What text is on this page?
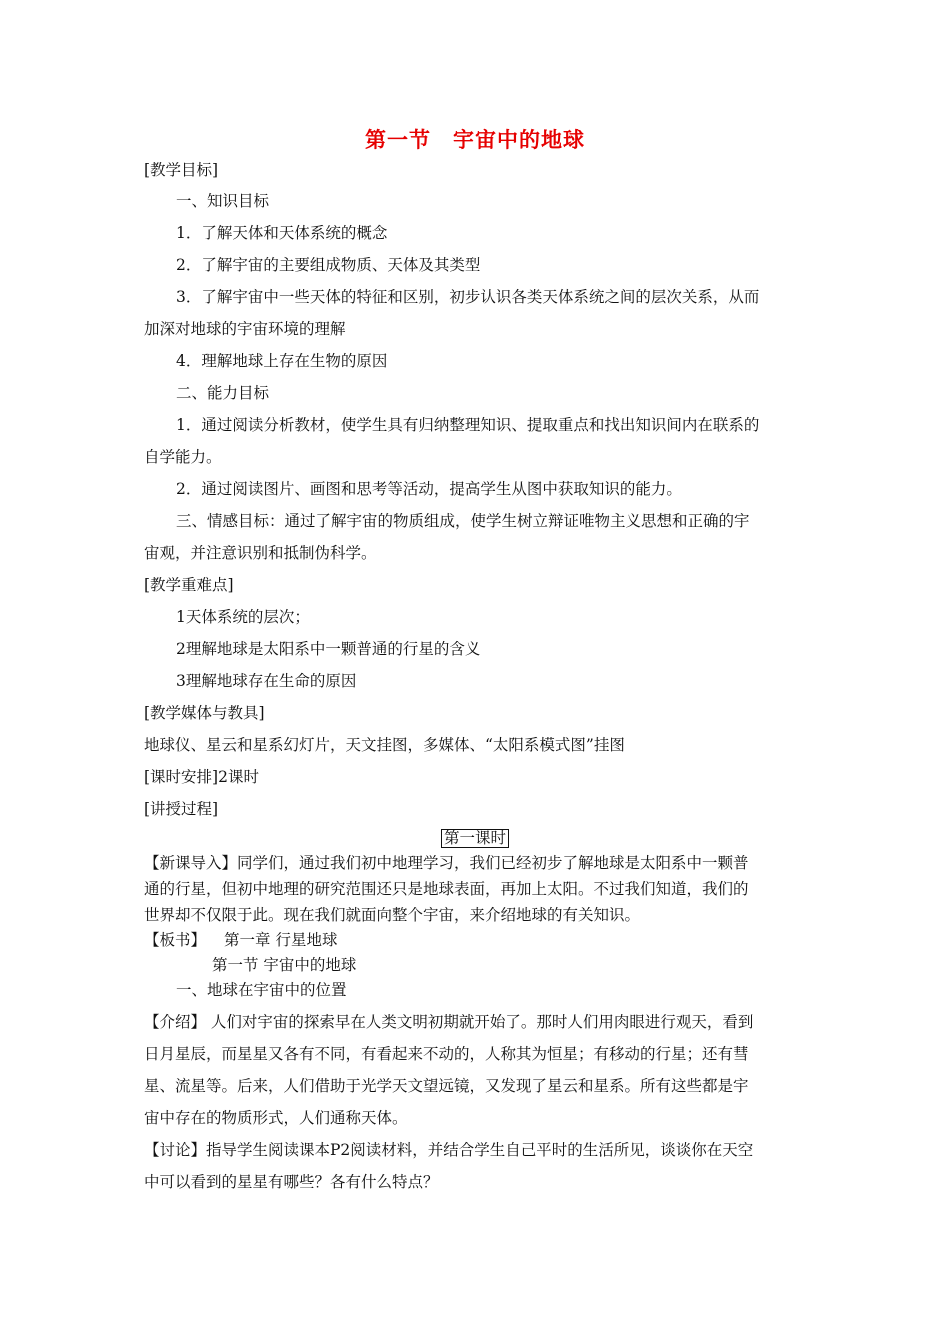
第一节　宇宙中的地球
[教学目标]
一、知识目标
1．了解天体和天体系统的概念
2．了解宇宙的主要组成物质、天体及其类型
3．了解宇宙中一些天体的特征和区别，初步认识各类天体系统之间的层次关系，从而
加深对地球的宇宙环境的理解
4．理解地球上存在生物的原因
二、能力目标
1．通过阅读分析教材，使学生具有归纳整理知识、提取重点和找出知识间内在联系的
自学能力。
2．通过阅读图片、画图和思考等活动，提高学生从图中获取知识的能力。
三、情感目标：通过了解宇宙的物质组成，使学生树立辩证唯物主义思想和正确的宇
宙观，并注意识别和抵制伪科学。
[教学重难点]
1天体系统的层次；
2理解地球是太阳系中一颗普通的行星的含义
3理解地球存在生命的原因
[教学媒体与教具]
地球仪、星云和星系幻灯片，天文挂图，多媒体、“太阳系模式图”挂图
[课时安排]2课时
[讲授过程]
第一课时
【新课导入】同学们，通过我们初中地理学习，我们已经初步了解地球是太阳系中一颗普
通的行星，但初中地理的研究范围还只是地球表面，再加上太阳。不过我们知道，我们的
世界却不仅限于此。现在我们就面向整个宇宙，来介绍地球的有关知识。
【板书】 第一章 行星地球
第一节 宇宙中的地球
一、地球在宇宙中的位置
【介绍】 人们对宇宙的探索早在人类文明初期就开始了。那时人们用肉眼进行观天，看到
日月星辰，而星星又各有不同，有看起来不动的，人称其为恒星；有移动的行星；还有彗
星、流星等。后来，人们借助于光学天文望远镜，又发现了星云和星系。所有这些都是宇
宙中存在的物质形式，人们通称天体。
【讨论】指导学生阅读课本P2阅读材料，并结合学生自己平时的生活所见，谈谈你在天空
中可以看到的星星有哪些？各有什么特点？
